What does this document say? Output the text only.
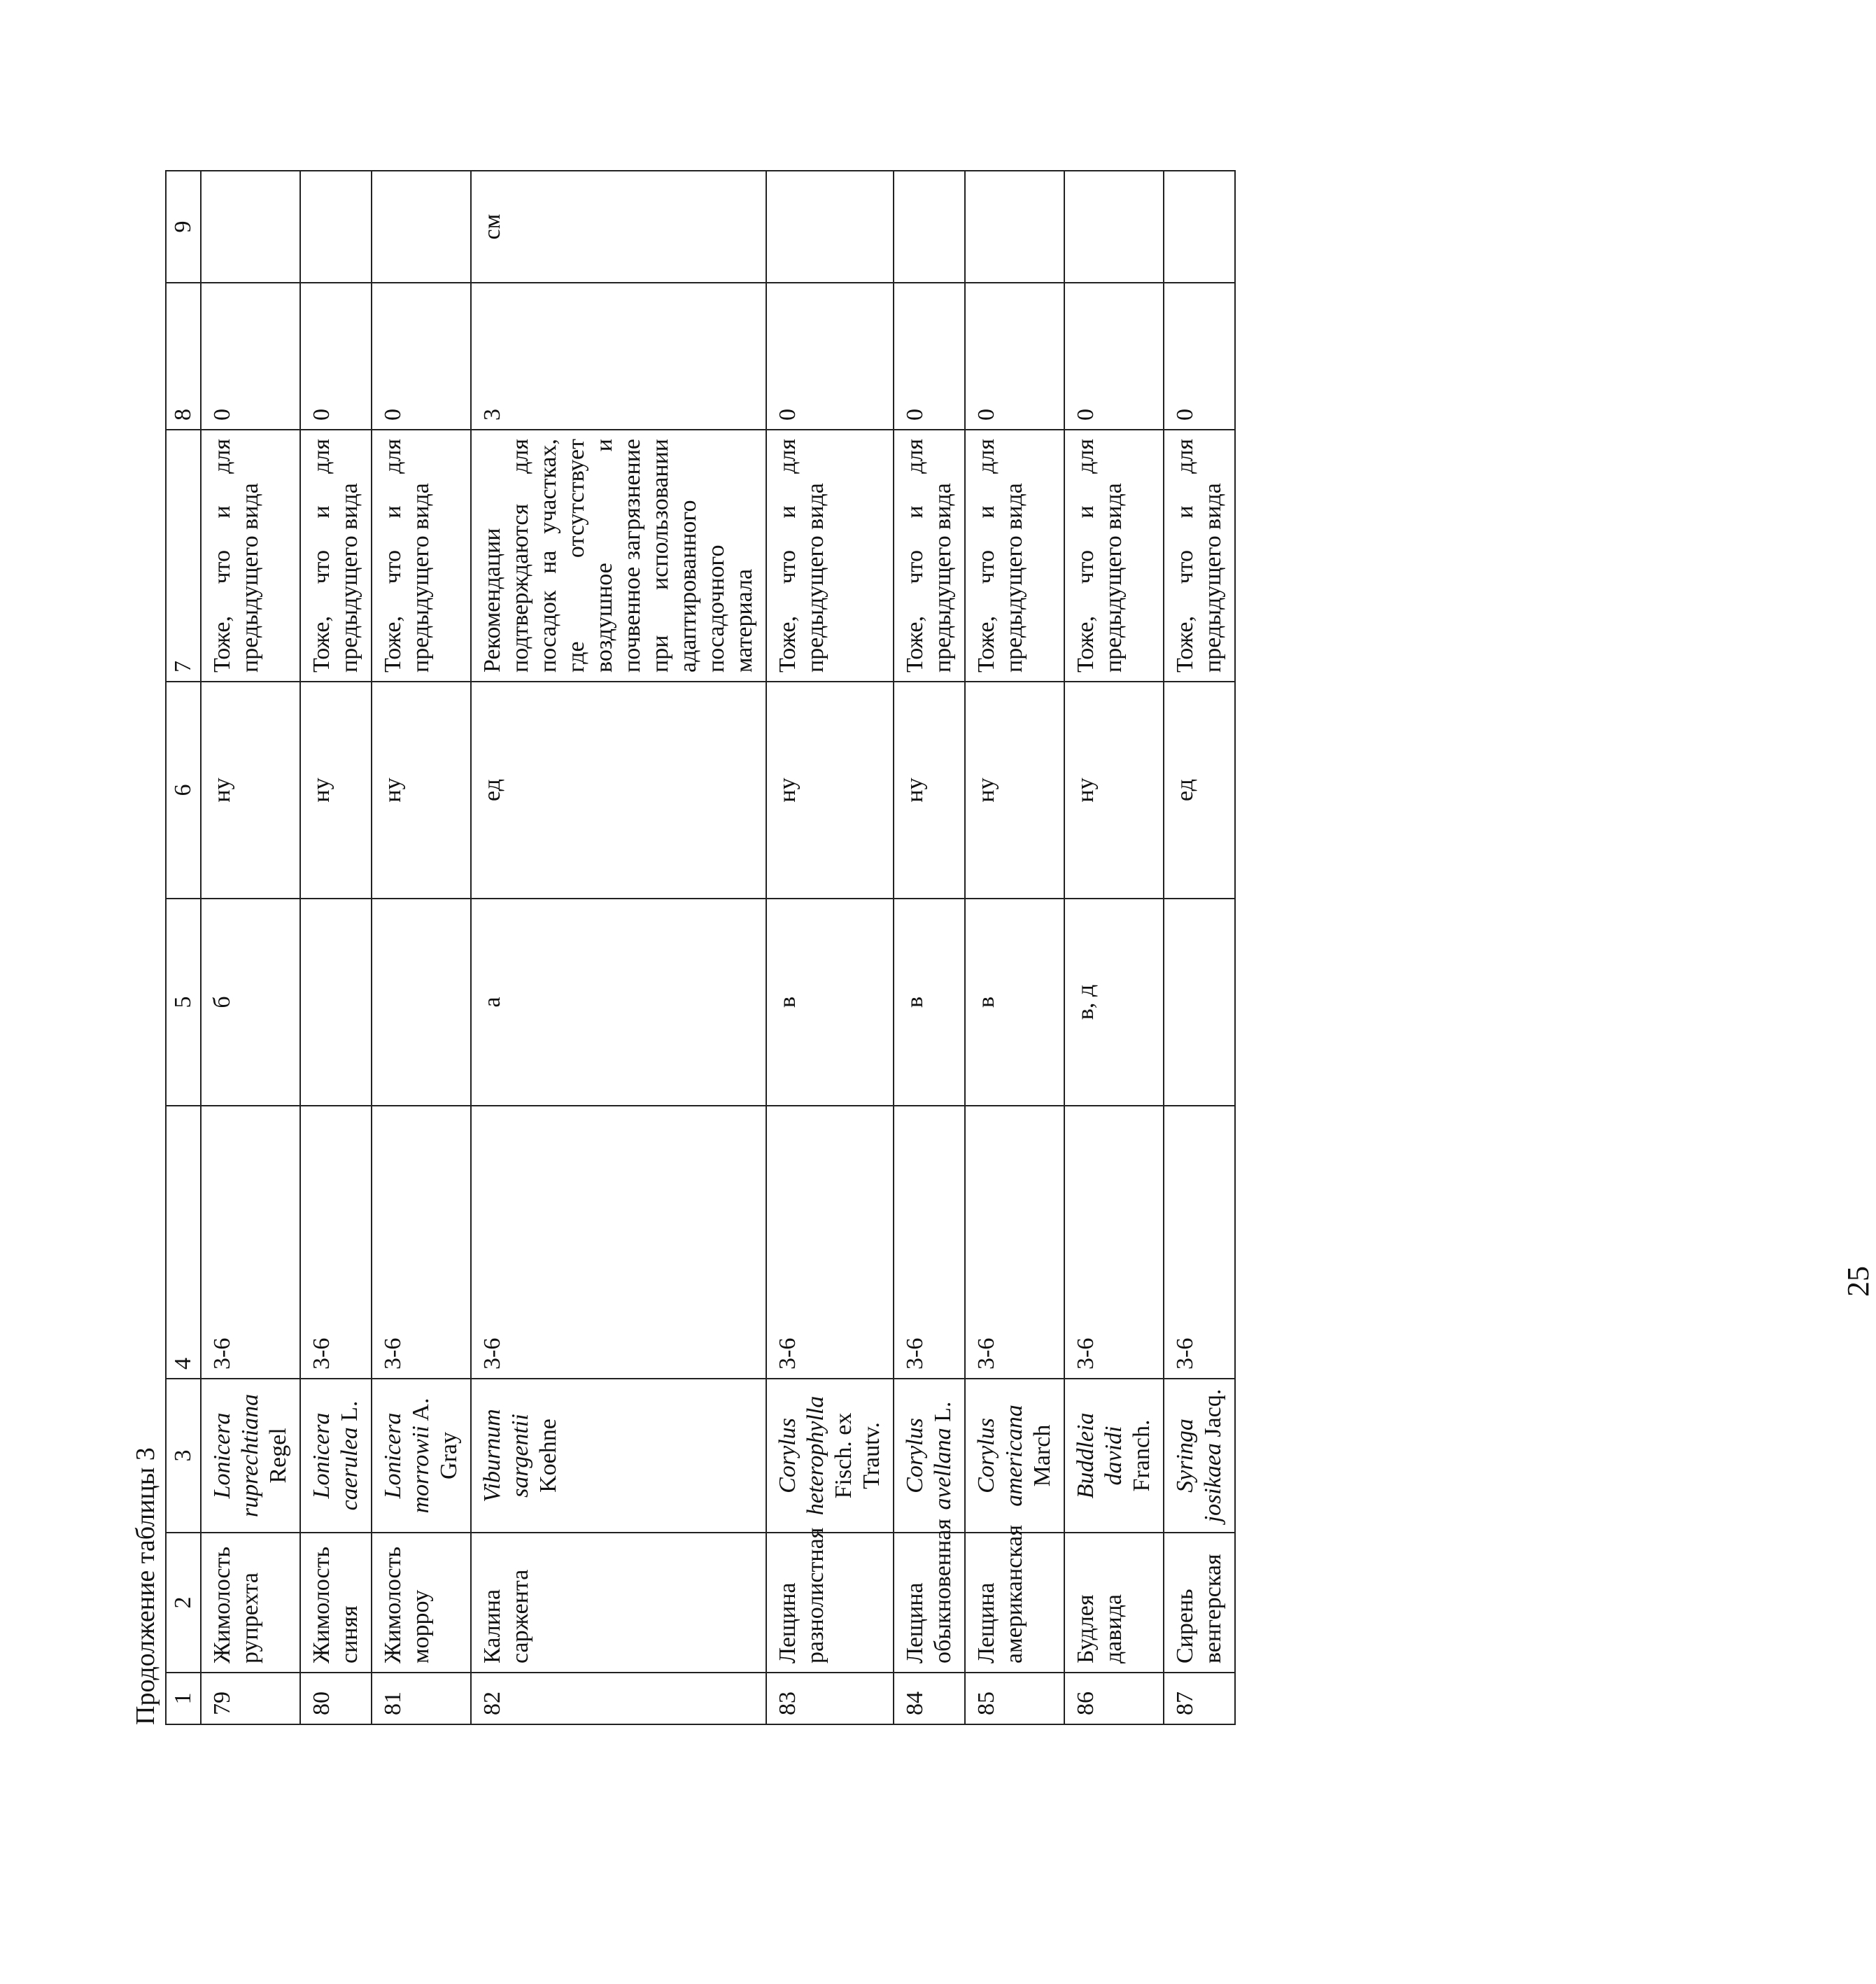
Продолжение таблицы 3 1	2	3	4	5	6	7	8	9
79	Жимолость рупрехта	Lonicera ruprechtiana Regel	3-6	б	ну	Тоже, что и для предыдущего вида	0	
80	Жимолость синяя	Lonicera caerulea L.	3-6		ну	Тоже, что и для предыдущего вида	0	
81	Жимолость морроу	Lonicera morrowii A. Gray	3-6		ну	Тоже, что и для предыдущего вида	0	
82	Калина саржента	Viburnum sargentii Koehne	3-6	а	ед	Рекомендации подтверждаются для посадок на участках, где отсутствует воздушное и почвенное загрязнение при использовании адаптированного посадочного материала	3	см
83	Лещина разнолистная	Corylus heterophylla Fisch. ex Trautv.	3-6	в	ну	Тоже, что и для предыдущего вида	0	
84	Лещина обыкновенная	Corylus avellana L.	3-6	в	ну	Тоже, что и для предыдущего вида	0	
85	Лещина американская	Corylus americana March	3-6	в	ну	Тоже, что и для предыдущего вида	0	
86	Будлея давида	Buddleia davidi Franch.	3-6	в, д	ну	Тоже, что и для предыдущего вида	0	
87	Сирень венгерская	Syringa josikaea Jacq.	3-6		ед	Тоже, что и для предыдущего вида	0	
25
